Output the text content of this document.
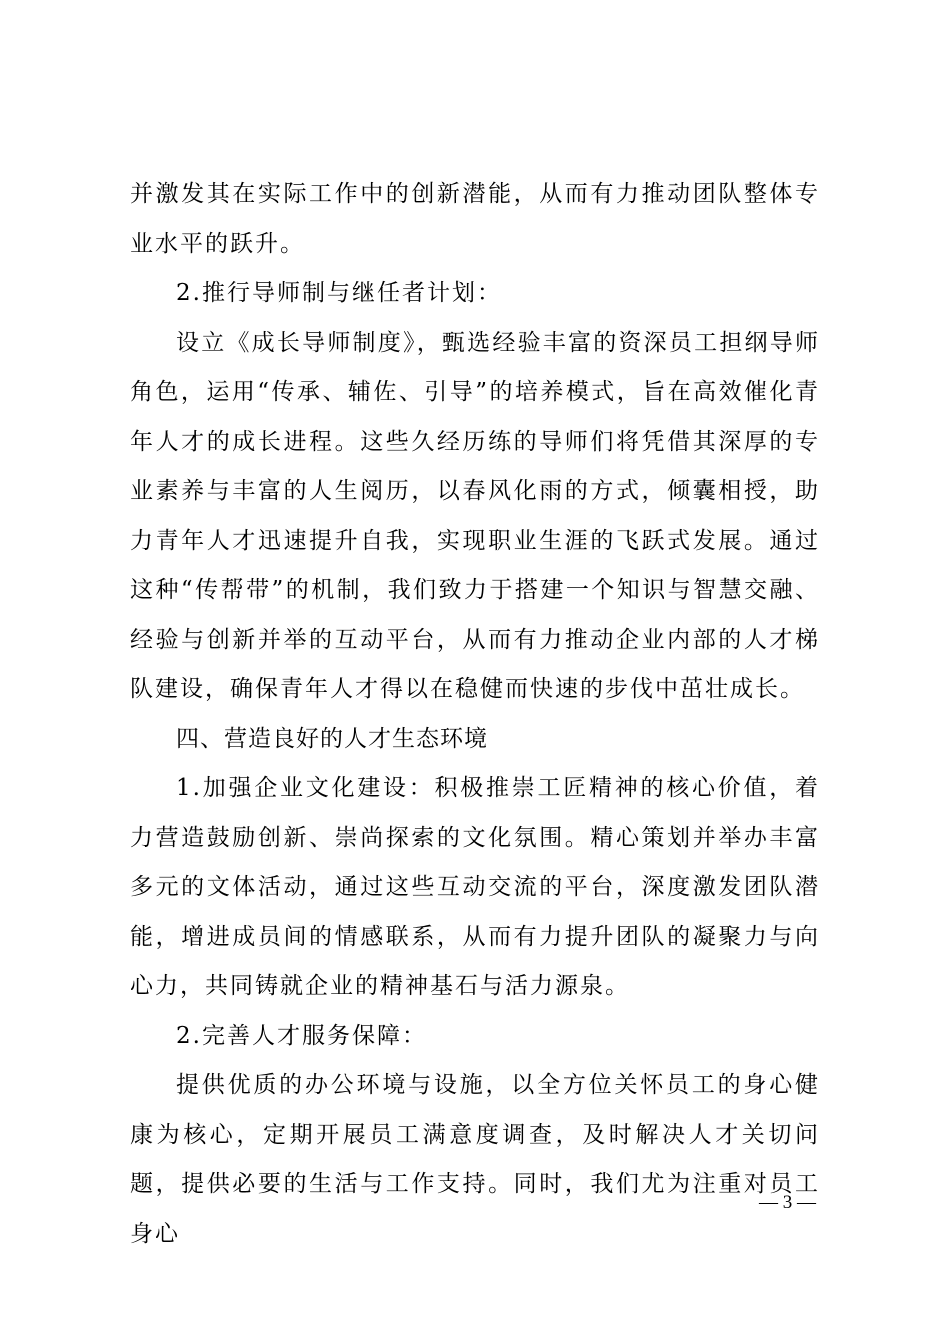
并激发其在实际工作中的创新潜能，从而有力推动团队整体专业水平的跃升。

2.推行导师制与继任者计划：

设立《成长导师制度》，甄选经验丰富的资深员工担纲导师角色，运用“传承、辅佐、引导”的培养模式，旨在高效催化青年人才的成长进程。这些久经历练的导师们将凭借其深厚的专业素养与丰富的人生阅历，以春风化雨的方式，倾囊相授，助力青年人才迅速提升自我，实现职业生涯的飞跃式发展。通过这种“传帮带”的机制，我们致力于搭建一个知识与智慧交融、经验与创新并举的互动平台，从而有力推动企业内部的人才梯队建设，确保青年人才得以在稳健而快速的步伐中茁壮成长。

四、营造良好的人才生态环境

1.加强企业文化建设：积极推崇工匠精神的核心价值，着力营造鼓励创新、崇尚探索的文化氛围。精心策划并举办丰富多元的文体活动，通过这些互动交流的平台，深度激发团队潜能，增进成员间的情感联系，从而有力提升团队的凝聚力与向心力，共同铸就企业的精神基石与活力源泉。

2.完善人才服务保障：

提供优质的办公环境与设施，以全方位关怀员工的身心健康为核心，定期开展员工满意度调查，及时解决人才关切问题，提供必要的生活与工作支持。同时，我们尤为注重对员工身心

— 3 —
